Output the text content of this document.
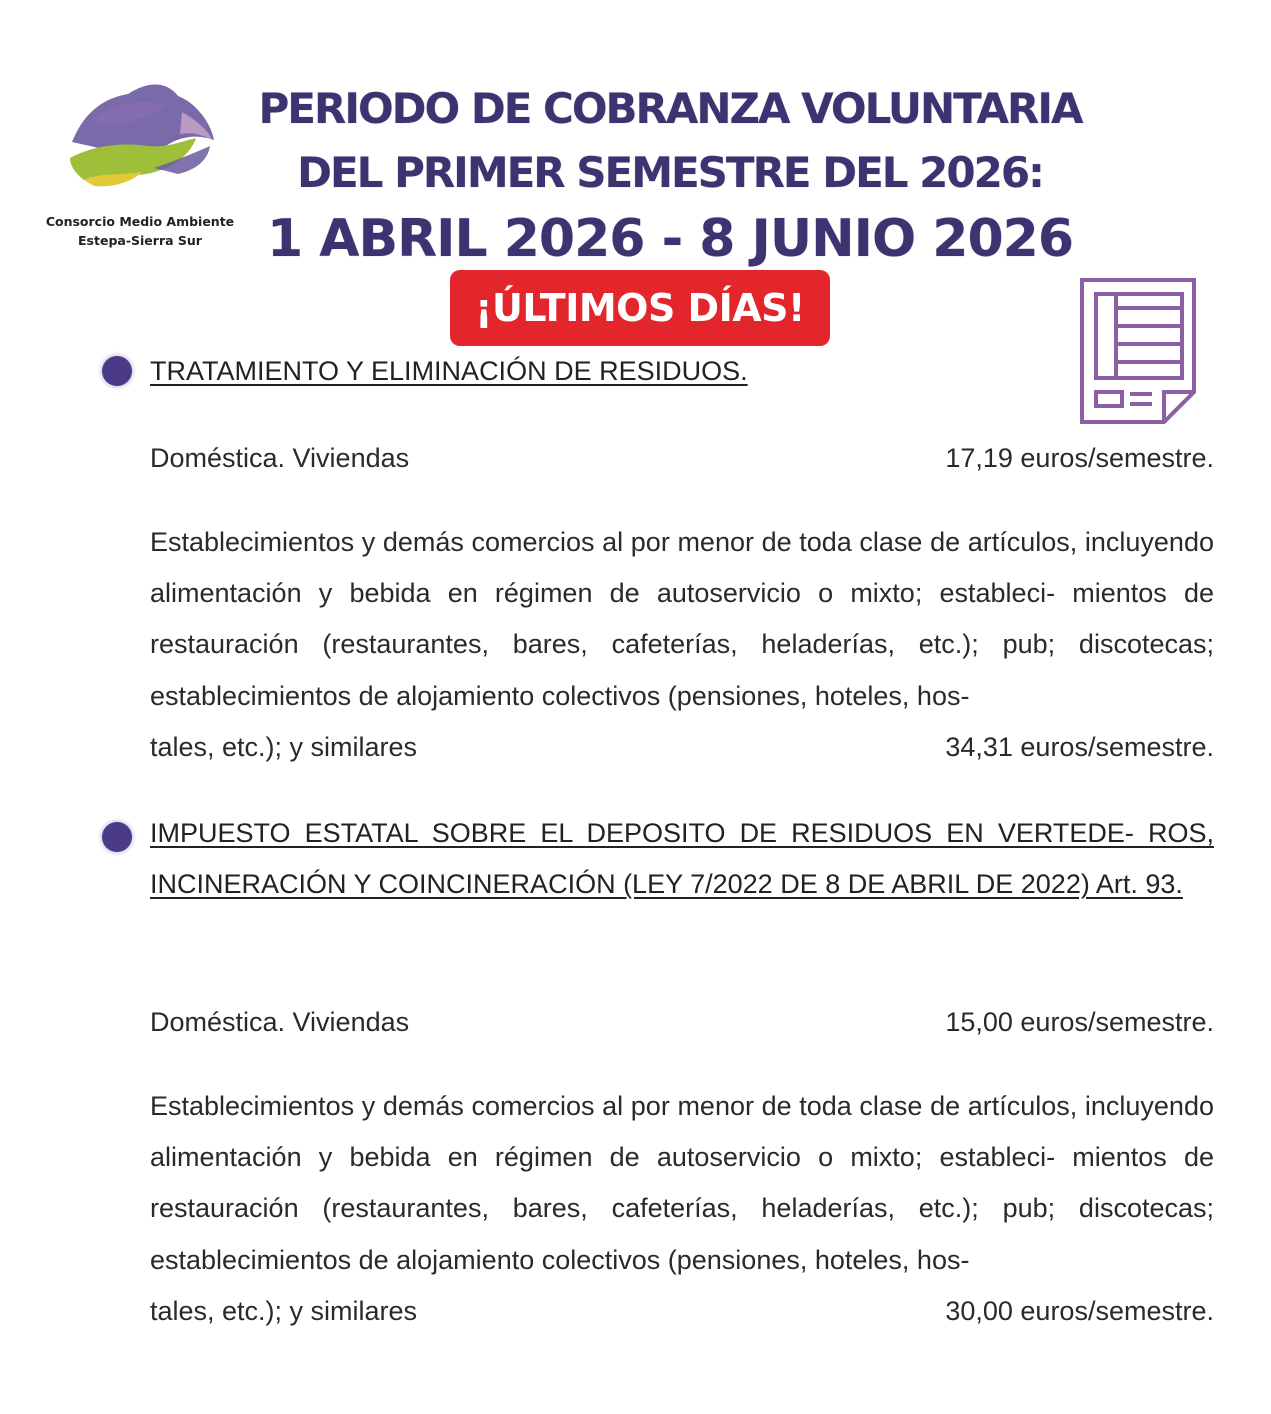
Consorcio Medio Ambiente
Estepa-Sierra Sur
PERIODO DE COBRANZA VOLUNTARIA
DEL PRIMER SEMESTRE DEL 2026:
1 ABRIL 2026 - 8 JUNIO 2026
¡ÚLTIMOS DÍAS!
TRATAMIENTO Y ELIMINACIÓN DE RESIDUOS.
Doméstica. Viviendas	17,19 euros/semestre.
Establecimientos y demás comercios al por menor de toda clase de artículos, incluyendo alimentación y bebida en régimen de autoservicio o mixto; estableci- mientos de restauración (restaurantes, bares, cafeterías, heladerías, etc.); pub; discotecas; establecimientos de alojamiento colectivos (pensiones, hoteles, hos-
tales, etc.); y similares	34,31 euros/semestre.
IMPUESTO ESTATAL SOBRE EL DEPOSITO DE RESIDUOS EN VERTEDE- ROS, INCINERACIÓN Y COINCINERACIÓN (LEY 7/2022 DE 8 DE ABRIL DE 2022) Art. 93.
Doméstica. Viviendas	15,00 euros/semestre.
Establecimientos y demás comercios al por menor de toda clase de artículos, incluyendo alimentación y bebida en régimen de autoservicio o mixto; estableci- mientos de restauración (restaurantes, bares, cafeterías, heladerías, etc.); pub; discotecas; establecimientos de alojamiento colectivos (pensiones, hoteles, hos-
tales, etc.); y similares	30,00 euros/semestre.
